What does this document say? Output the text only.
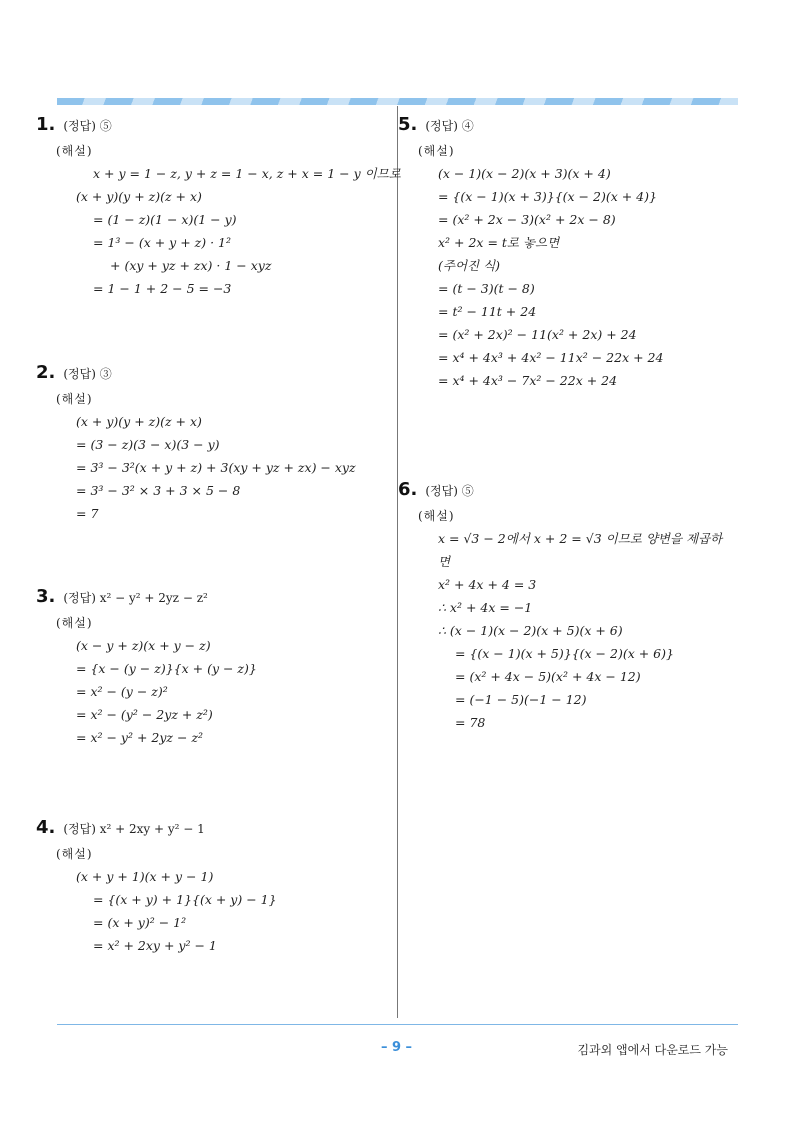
1. (정답) ⑤
(해설)
x + y = 1 − z, y + z = 1 − x, z + x = 1 − y 이므로
(x + y)(y + z)(z + x)
= (1 − z)(1 − x)(1 − y)
= 1³ − (x + y + z) · 1²
+ (xy + yz + zx) · 1 − xyz
= 1 − 1 + 2 − 5 = −3
2. (정답) ③
(해설)
(x + y)(y + z)(z + x)
= (3 − z)(3 − x)(3 − y)
= 3³ − 3²(x + y + z) + 3(xy + yz + zx) − xyz
= 3³ − 3² × 3 + 3 × 5 − 8
= 7
3. (정답) x² − y² + 2yz − z²
(해설)
(x − y + z)(x + y − z)
= {x − (y − z)}{x + (y − z)}
= x² − (y − z)²
= x² − (y² − 2yz + z²)
= x² − y² + 2yz − z²
4. (정답) x² + 2xy + y² − 1
(해설)
(x + y + 1)(x + y − 1)
= {(x + y) + 1}{(x + y) − 1}
= (x + y)² − 1²
= x² + 2xy + y² − 1
5. (정답) ④
(해설)
(x − 1)(x − 2)(x + 3)(x + 4)
= {(x − 1)(x + 3)}{(x − 2)(x + 4)}
= (x² + 2x − 3)(x² + 2x − 8)
x² + 2x = t로 놓으면
(주어진 식)
= (t − 3)(t − 8)
= t² − 11t + 24
= (x² + 2x)² − 11(x² + 2x) + 24
= x⁴ + 4x³ + 4x² − 11x² − 22x + 24
= x⁴ + 4x³ − 7x² − 22x + 24
6. (정답) ⑤
(해설)
x = √3 − 2에서 x + 2 = √3 이므로 양변을 제곱하
면
x² + 4x + 4 = 3
∴ x² + 4x = −1
∴ (x − 1)(x − 2)(x + 5)(x + 6)
= {(x − 1)(x + 5)}{(x − 2)(x + 6)}
= (x² + 4x − 5)(x² + 4x − 12)
= (−1 − 5)(−1 − 12)
= 78
– 9 –	김과외 앱에서 다운로드 가능
